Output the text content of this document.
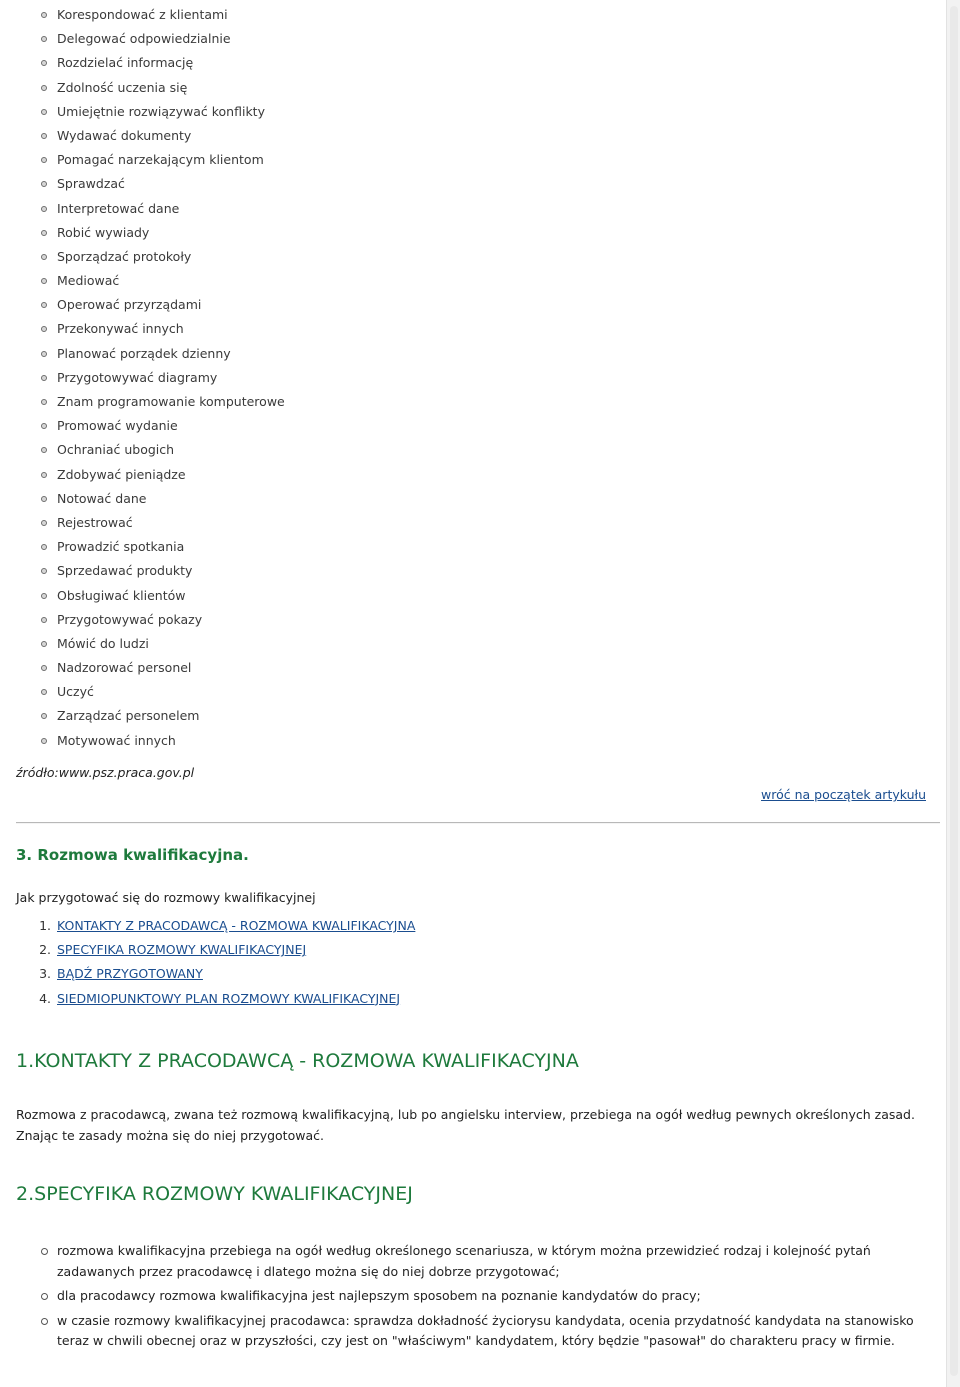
Korespondować z klientami
Delegować odpowiedzialnie
Rozdzielać informację
Zdolność uczenia się
Umiejętnie rozwiązywać konflikty
Wydawać dokumenty
Pomagać narzekającym klientom
Sprawdzać
Interpretować dane
Robić wywiady
Sporządzać protokoły
Mediować
Operować przyrządami
Przekonywać innych
Planować porządek dzienny
Przygotowywać diagramy
Znam programowanie komputerowe
Promować wydanie
Ochraniać ubogich
Zdobywać pieniądze
Notować dane
Rejestrować
Prowadzić spotkania
Sprzedawać produkty
Obsługiwać klientów
Przygotowywać pokazy
Mówić do ludzi
Nadzorować personel
Uczyć
Zarządzać personelem
Motywować innych
źródło:www.psz.praca.gov.pl
wróć na początek artykułu
3. Rozmowa kwalifikacyjna.
Jak przygotować się do rozmowy kwalifikacyjnej
1. KONTAKTY Z PRACODAWCĄ - ROZMOWA KWALIFIKACYJNA
2. SPECYFIKA ROZMOWY KWALIFIKACYJNEJ
3. BĄDŹ PRZYGOTOWANY
4. SIEDMIOPUNKTOWY PLAN ROZMOWY KWALIFIKACYJNEJ
1.KONTAKTY Z PRACODAWCĄ - ROZMOWA KWALIFIKACYJNA

Rozmowa z pracodawcą, zwana też rozmową kwalifikacyjną, lub po angielsku interview, przebiega na ogół według pewnych określonych zasad. Znając te zasady można się do niej przygotować.

2.SPECYFIKA ROZMOWY KWALIFIKACYJNEJ
rozmowa kwalifikacyjna przebiega na ogół według określonego scenariusza, w którym można przewidzieć rodzaj i kolejność pytań zadawanych przez pracodawcę i dlatego można się do niej dobrze przygotować;
dla pracodawcy rozmowa kwalifikacyjna jest najlepszym sposobem na poznanie kandydatów do pracy;
w czasie rozmowy kwalifikacyjnej pracodawca: sprawdza dokładność życiorysu kandydata, ocenia przydatność kandydata na stanowisko teraz w chwili obecnej oraz w przyszłości, czy jest on "właściwym" kandydatem, który będzie "pasował" do charakteru pracy w firmie.
